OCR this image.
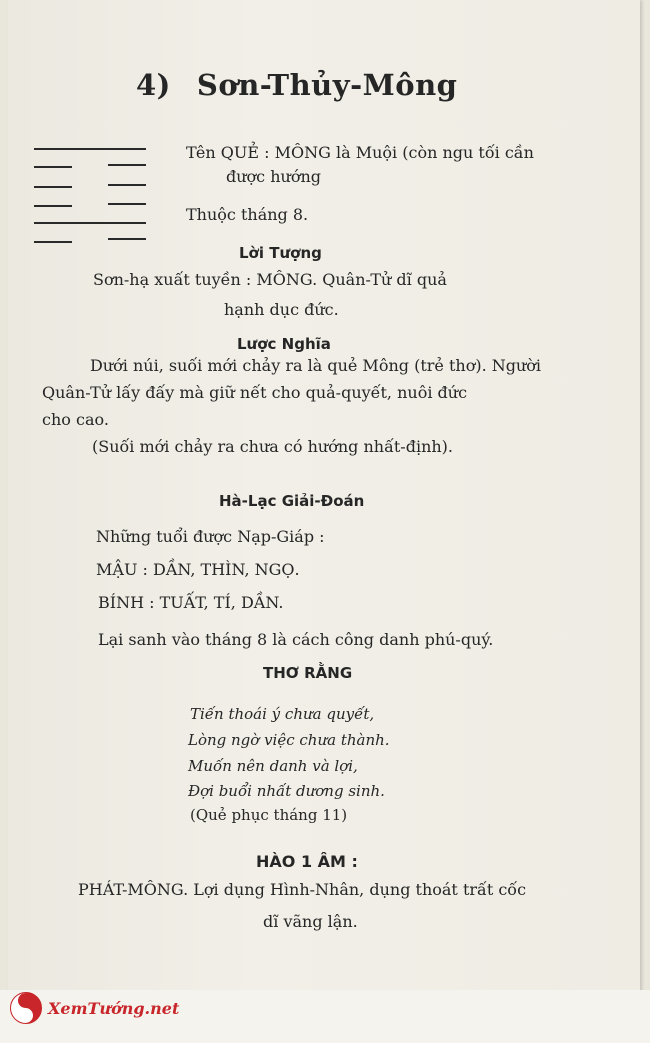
4) Sơn-Thủy-Mông
Tên QUẺ : MÔNG là Muội (còn ngu tối cần
được hướng
Thuộc tháng 8.
Lời Tượng
Sơn-hạ xuất tuyền : MÔNG. Quân-Tử dĩ quả
hạnh dục đức.
Lược Nghĩa
Dưới núi, suối mới chảy ra là quẻ Mông (trẻ thơ). Người
Quân-Tử lấy đấy mà giữ nết cho quả-quyết, nuôi đức
cho cao.
(Suối mới chảy ra chưa có hướng nhất-định).
Hà-Lạc Giải-Đoán
Những tuổi được Nạp-Giáp :
MẬU : DẦN, THÌN, NGỌ.
BÍNH : TUẤT, TÍ, DẦN.
Lại sanh vào tháng 8 là cách công danh phú-quý.
THƠ RẰNG
Tiến thoái ý chưa quyết,
Lòng ngờ việc chưa thành.
Muốn nên danh và lợi,
Đợi buổi nhất dương sinh.
(Quẻ phục tháng 11)
HÀO 1 ÂM :
PHÁT-MÔNG. Lợi dụng Hình-Nhân, dụng thoát trất cốc
dĩ vãng lận.
XemTướng.net
